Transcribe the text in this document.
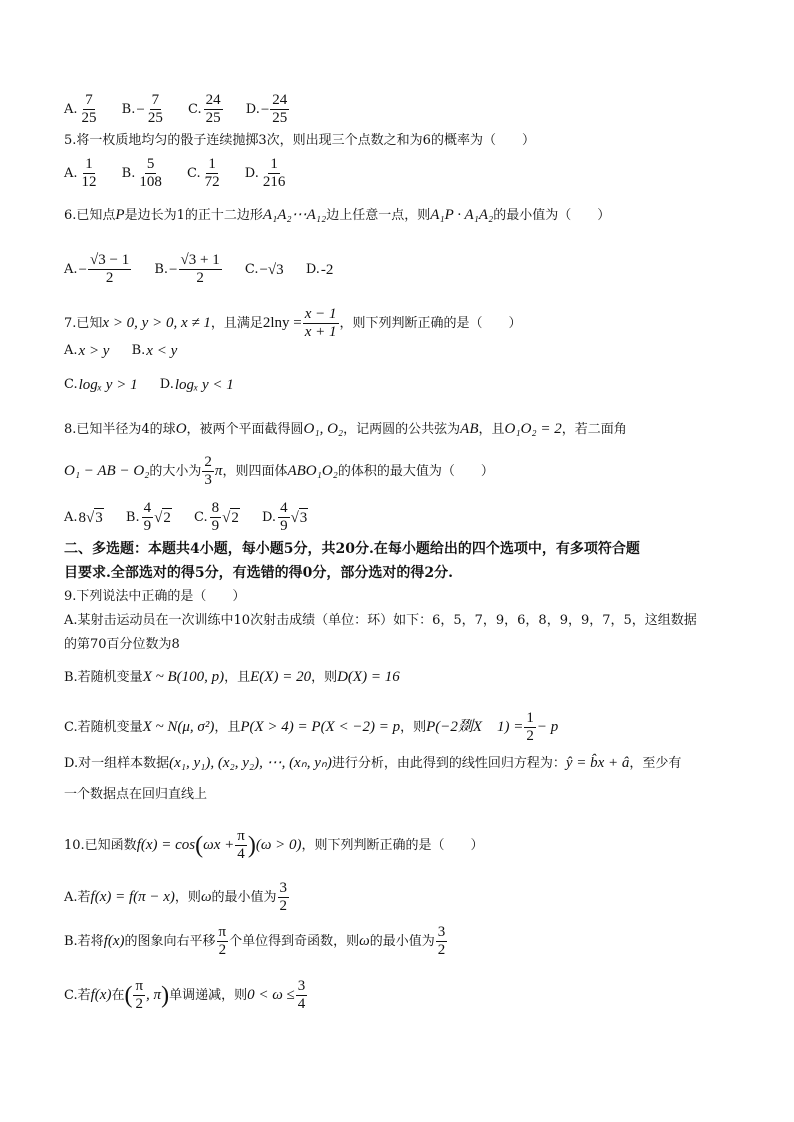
A. $\frac{7}{25}$
B. − $\frac{7}{25}$
C. $\frac{24}{25}$
D. − $\frac{24}{25}$
5.将一枚质地均匀的骰子连续抛掷3次，则出现三个点数之和为6的概率为（　　）
A. $\frac{1}{12}$
B. $\frac{5}{108}$
C. $\frac{1}{72}$
D. $\frac{1}{216}$
6.已知点P是边长为1的正十二边形A₁A₂⋯A₁₂边上任意一点，则A₁P · A₁A₂的最小值为（　　）
A. − $\frac{√3 - 1}{2}$
B. − $\frac{√3 + 1}{2}$
C. −√3
D. -2
7.已知x > 0, y > 0, x ≠ 1，且满足$2\ln y = \frac{x - 1}{x + 1}$ ，则下列判断正确的是（　　）
A. x > y
B. x < y
C. logₓ y > 1
D. logₓ y < 1
8.已知半径为4的球O，被两个平面截得圆O₁, O₂，记两圆的公共弦为AB，且O₁O₂ = 2，若二面角
O₁ − AB − O₂的大小为 $\frac{2}{3}$ π，则四面体ABO₁O₂的体积的最大值为（　　）
A. 8 √ 3
B. $\frac{4}{9}$ √ 2
C. $\frac{8}{9}$ √ 2
D. $\frac{4}{9}$ √ 3
二、多选题：本题共4小题，每小题5分，共20分.在每小题给出的四个选项中，有多项符合题
目要求.全部选对的得5分，有选错的得0分，部分选对的得2分.
9.下列说法中正确的是（　　）
A.某射击运动员在一次训练中10次射击成绩（单位：环）如下：6，5，7，9，6，8，9，9，7，5，这组数据
的第70百分位数为8
B.若随机变量X ~ B(100, p)，且E(X) = 20，则D(X) = 16
C.若随机变量X ~ N(μ, σ²)，且P(X > 4) = P(X < −2) = p，则P(−2剟X　$1) = \frac{1}{2} - p$
D.对一组样本数据(x₁, y₁), (x₂, y₂), ⋯, (xₙ, yₙ)进行分析，由此得到的线性回归方程为：ŷ = b̂x + â，至少有
一个数据点在回归直线上
10.已知函数$f(x) = \cos(\omega x + \frac{\pi}{4} )(\omega > 0)$，则下列判断正确的是（　　）
A.若f(x) = f(π − x)，则ω的最小值为 $\frac{3}{2}$
B.若将f(x)的图象向右平移 $\frac{\pi}{2}$ 个单位得到奇函数，则ω的最小值为 $\frac{3}{2}$
C.若f(x)在( $\frac{\pi}{2}$ , π)单调递减，则$0 < \omega \le \frac{3}{4}$
